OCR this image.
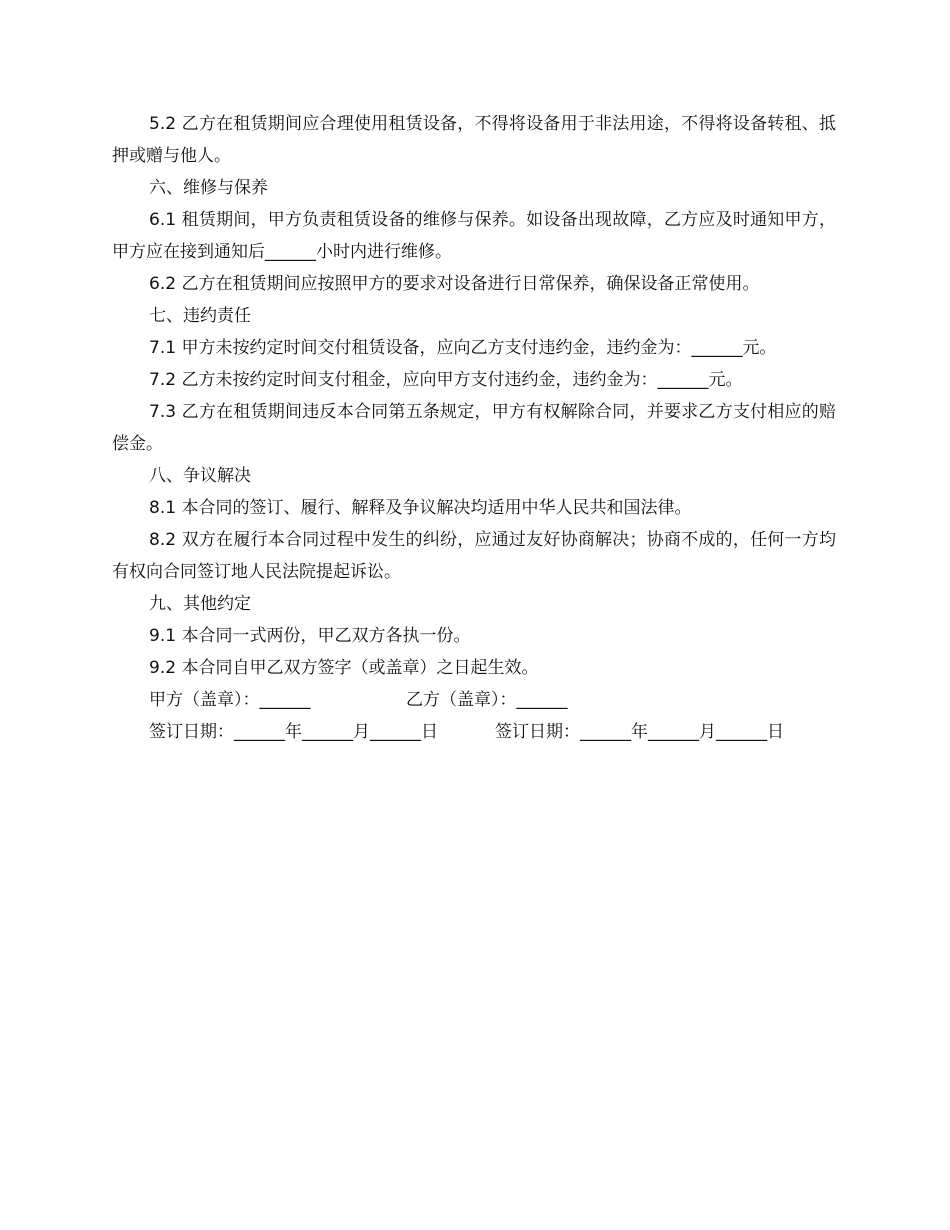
5.2 乙方在租赁期间应合理使用租赁设备，不得将设备用于非法用途，不得将设备转租、抵押或赠与他人。

六、维修与保养

6.1 租赁期间，甲方负责租赁设备的维修与保养。如设备出现故障，乙方应及时通知甲方，甲方应在接到通知后______小时内进行维修。

6.2 乙方在租赁期间应按照甲方的要求对设备进行日常保养，确保设备正常使用。

七、违约责任

7.1 甲方未按约定时间交付租赁设备，应向乙方支付违约金，违约金为：______元。

7.2 乙方未按约定时间支付租金，应向甲方支付违约金，违约金为：______元。

7.3 乙方在租赁期间违反本合同第五条规定，甲方有权解除合同，并要求乙方支付相应的赔偿金。

八、争议解决

8.1 本合同的签订、履行、解释及争议解决均适用中华人民共和国法律。

8.2 双方在履行本合同过程中发生的纠纷，应通过友好协商解决；协商不成的，任何一方均有权向合同签订地人民法院提起诉讼。

九、其他约定

9.1 本合同一式两份，甲乙双方各执一份。

9.2 本合同自甲乙双方签字（或盖章）之日起生效。

甲方（盖章）：______	乙方（盖章）：______
签订日期：______年______月______日	签订日期：______年______月______日
